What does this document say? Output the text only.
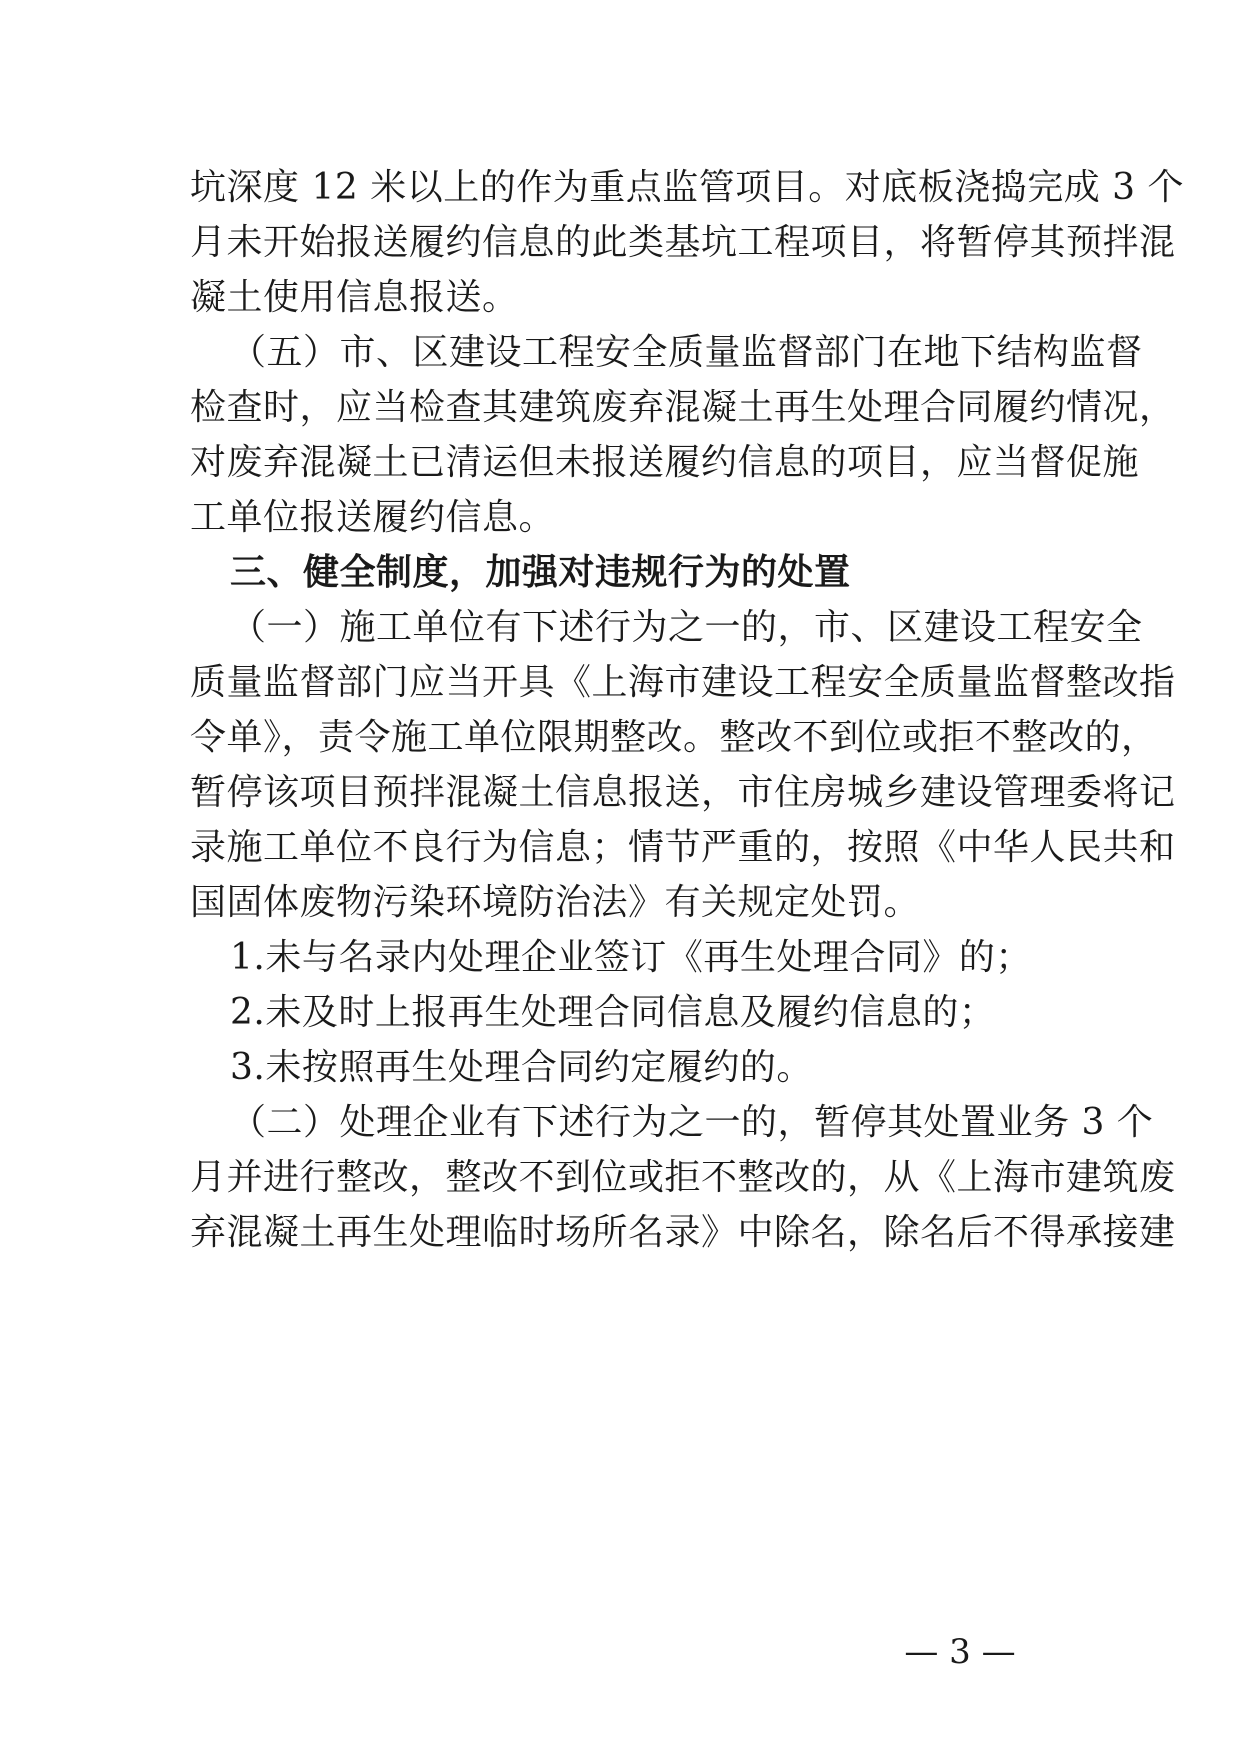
坑深度 12 米以上的作为重点监管项目。对底板浇捣完成 3 个
月未开始报送履约信息的此类基坑工程项目，将暂停其预拌混
凝土使用信息报送。
（五）市、区建设工程安全质量监督部门在地下结构监督
检查时，应当检查其建筑废弃混凝土再生处理合同履约情况，
对废弃混凝土已清运但未报送履约信息的项目，应当督促施
工单位报送履约信息。
三、健全制度，加强对违规行为的处置
（一）施工单位有下述行为之一的，市、区建设工程安全
质量监督部门应当开具《上海市建设工程安全质量监督整改指
令单》，责令施工单位限期整改。整改不到位或拒不整改的，
暂停该项目预拌混凝土信息报送，市住房城乡建设管理委将记
录施工单位不良行为信息；情节严重的，按照《中华人民共和
国固体废物污染环境防治法》有关规定处罚。
1.未与名录内处理企业签订《再生处理合同》的；
2.未及时上报再生处理合同信息及履约信息的；
3.未按照再生处理合同约定履约的。
（二）处理企业有下述行为之一的，暂停其处置业务 3 个
月并进行整改，整改不到位或拒不整改的，从《上海市建筑废
弃混凝土再生处理临时场所名录》中除名，除名后不得承接建
— 3 —
